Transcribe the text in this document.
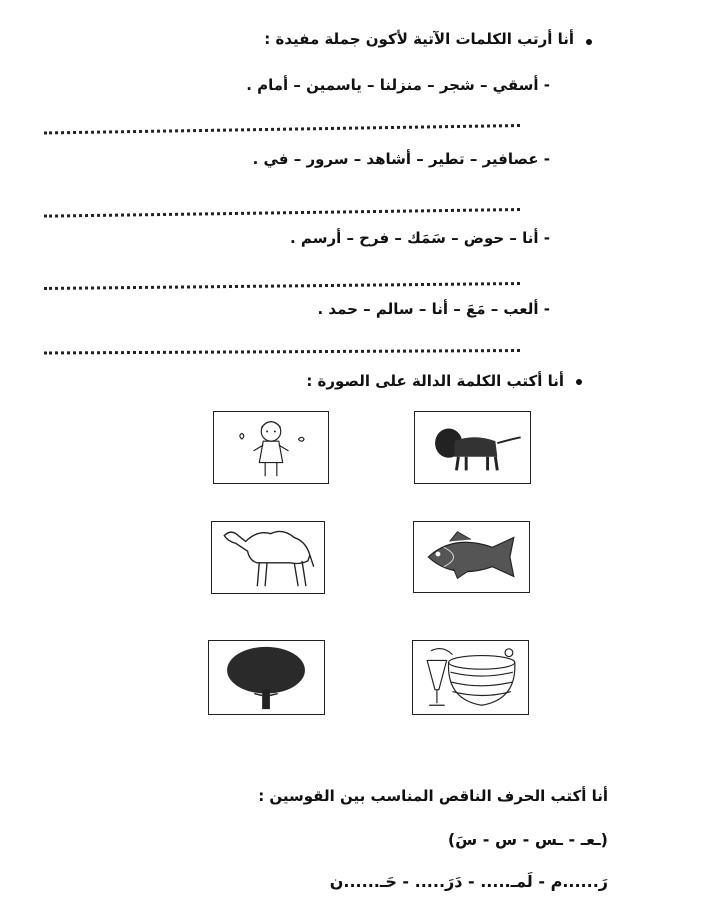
أنا أرتب الكلمات الآتية لأكون جملة مفيدة :
- أسقي – شجر – منزلنا – ياسمين – أمام .
- عصافير – تطير – أشاهد – سرور – في .
- أنا – حوض – سَمَك – فرح – أرسم .
- ألعب – مَعَ – أنا – سالم – حمد .
أنا أكتب الكلمة الدالة على الصورة :
أنا أكتب الحرف الناقص المناسب بين القوسين :
(ـعـ - ـس - س - سَ)
رَ......م - لَمـ..... - دَرَ..... - حَـ......ن
